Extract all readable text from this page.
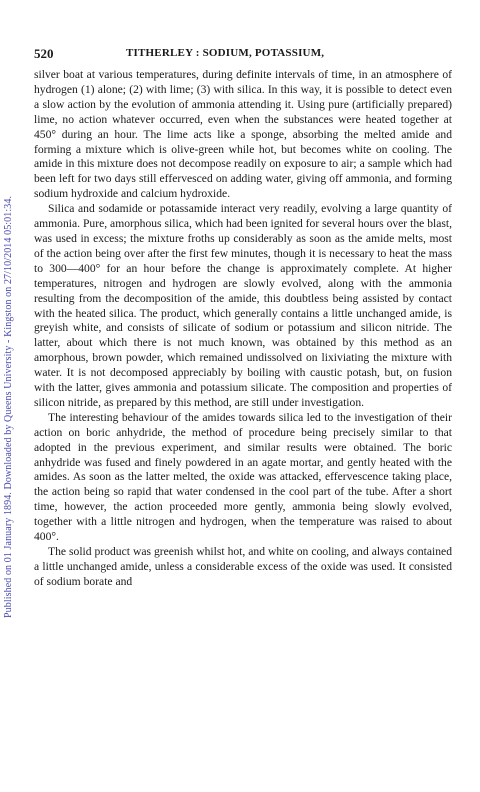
Published on 01 January 1894. Downloaded by Queens University - Kingston on 27/10/2014 05:01:34.
520	TITHERLEY : SODIUM, POTASSIUM,

silver boat at various temperatures, during definite intervals of time, in an atmosphere of hydrogen (1) alone; (2) with lime; (3) with silica. In this way, it is possible to detect even a slow action by the evolution of ammonia attending it. Using pure (artificially prepared) lime, no action whatever occurred, even when the substances were heated together at 450° during an hour. The lime acts like a sponge, absorbing the melted amide and forming a mixture which is olive-green while hot, but becomes white on cooling. The amide in this mixture does not decompose readily on exposure to air; a sample which had been left for two days still effervesced on adding water, giving off ammonia, and forming sodium hydroxide and calcium hydroxide.

Silica and sodamide or potassamide interact very readily, evolving a large quantity of ammonia. Pure, amorphous silica, which had been ignited for several hours over the blast, was used in excess; the mixture froths up considerably as soon as the amide melts, most of the action being over after the first few minutes, though it is necessary to heat the mass to 300—400° for an hour before the change is approximately complete. At higher temperatures, nitrogen and hydrogen are slowly evolved, along with the ammonia resulting from the decomposition of the amide, this doubtless being assisted by contact with the heated silica. The product, which generally contains a little unchanged amide, is greyish white, and consists of silicate of sodium or potassium and silicon nitride. The latter, about which there is not much known, was obtained by this method as an amorphous, brown powder, which remained undissolved on lixiviating the mixture with water. It is not decomposed appreciably by boiling with caustic potash, but, on fusion with the latter, gives ammonia and potassium silicate. The composition and properties of silicon nitride, as prepared by this method, are still under investigation.

The interesting behaviour of the amides towards silica led to the investigation of their action on boric anhydride, the method of procedure being precisely similar to that adopted in the previous experiment, and similar results were obtained. The boric anhydride was fused and finely powdered in an agate mortar, and gently heated with the amides. As soon as the latter melted, the oxide was attacked, effervescence taking place, the action being so rapid that water condensed in the cool part of the tube. After a short time, however, the action proceeded more gently, ammonia being slowly evolved, together with a little nitrogen and hydrogen, when the temperature was raised to about 400°.

The solid product was greenish whilst hot, and white on cooling, and always contained a little unchanged amide, unless a considerable excess of the oxide was used. It consisted of sodium borate and
